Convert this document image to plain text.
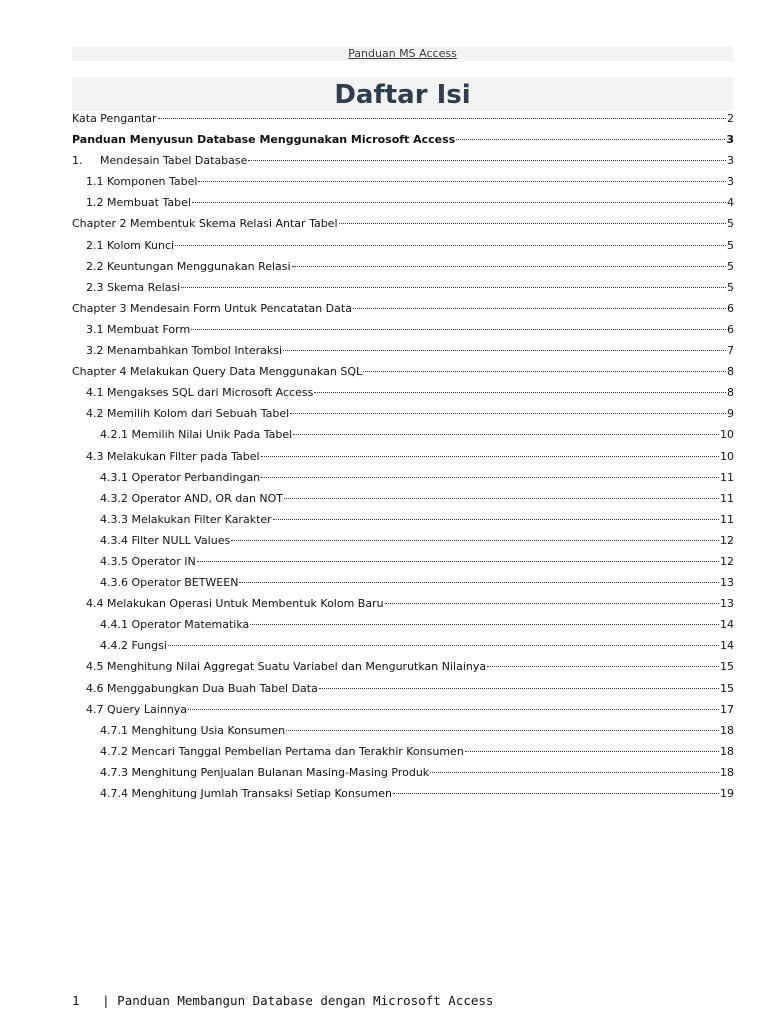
Panduan MS Access
Daftar Isi
Kata Pengantar	2
Panduan Menyusun Database Menggunakan Microsoft Access	3
1.	Mendesain Tabel Database	3
1.1 Komponen Tabel	3
1.2 Membuat Tabel	4
Chapter 2 Membentuk Skema Relasi Antar Tabel	5
2.1 Kolom Kunci	5
2.2 Keuntungan Menggunakan Relasi	5
2.3 Skema Relasi	5
Chapter 3 Mendesain Form Untuk Pencatatan Data	6
3.1 Membuat Form	6
3.2 Menambahkan Tombol Interaksi	7
Chapter 4 Melakukan Query Data Menggunakan SQL	8
4.1 Mengakses SQL dari Microsoft Access	8
4.2 Memilih Kolom dari Sebuah Tabel	9
4.2.1 Memilih Nilai Unik Pada Tabel	10
4.3 Melakukan Filter pada Tabel	10
4.3.1 Operator Perbandingan	11
4.3.2 Operator AND, OR dan NOT	11
4.3.3 Melakukan Filter Karakter	11
4.3.4 Filter NULL Values	12
4.3.5 Operator IN	12
4.3.6 Operator BETWEEN	13
4.4 Melakukan Operasi Untuk Membentuk Kolom Baru	13
4.4.1 Operator Matematika	14
4.4.2 Fungsi	14
4.5 Menghitung Nilai Aggregat Suatu Variabel dan Mengurutkan Nilainya	15
4.6 Menggabungkan Dua Buah Tabel Data	15
4.7 Query Lainnya	17
4.7.1 Menghitung Usia Konsumen	18
4.7.2 Mencari Tanggal Pembelian Pertama dan Terakhir Konsumen	18
4.7.3 Menghitung Penjualan Bulanan Masing-Masing Produk	18
4.7.4 Menghitung Jumlah Transaksi Setiap Konsumen	19
1 | Panduan Membangun Database dengan Microsoft Access
